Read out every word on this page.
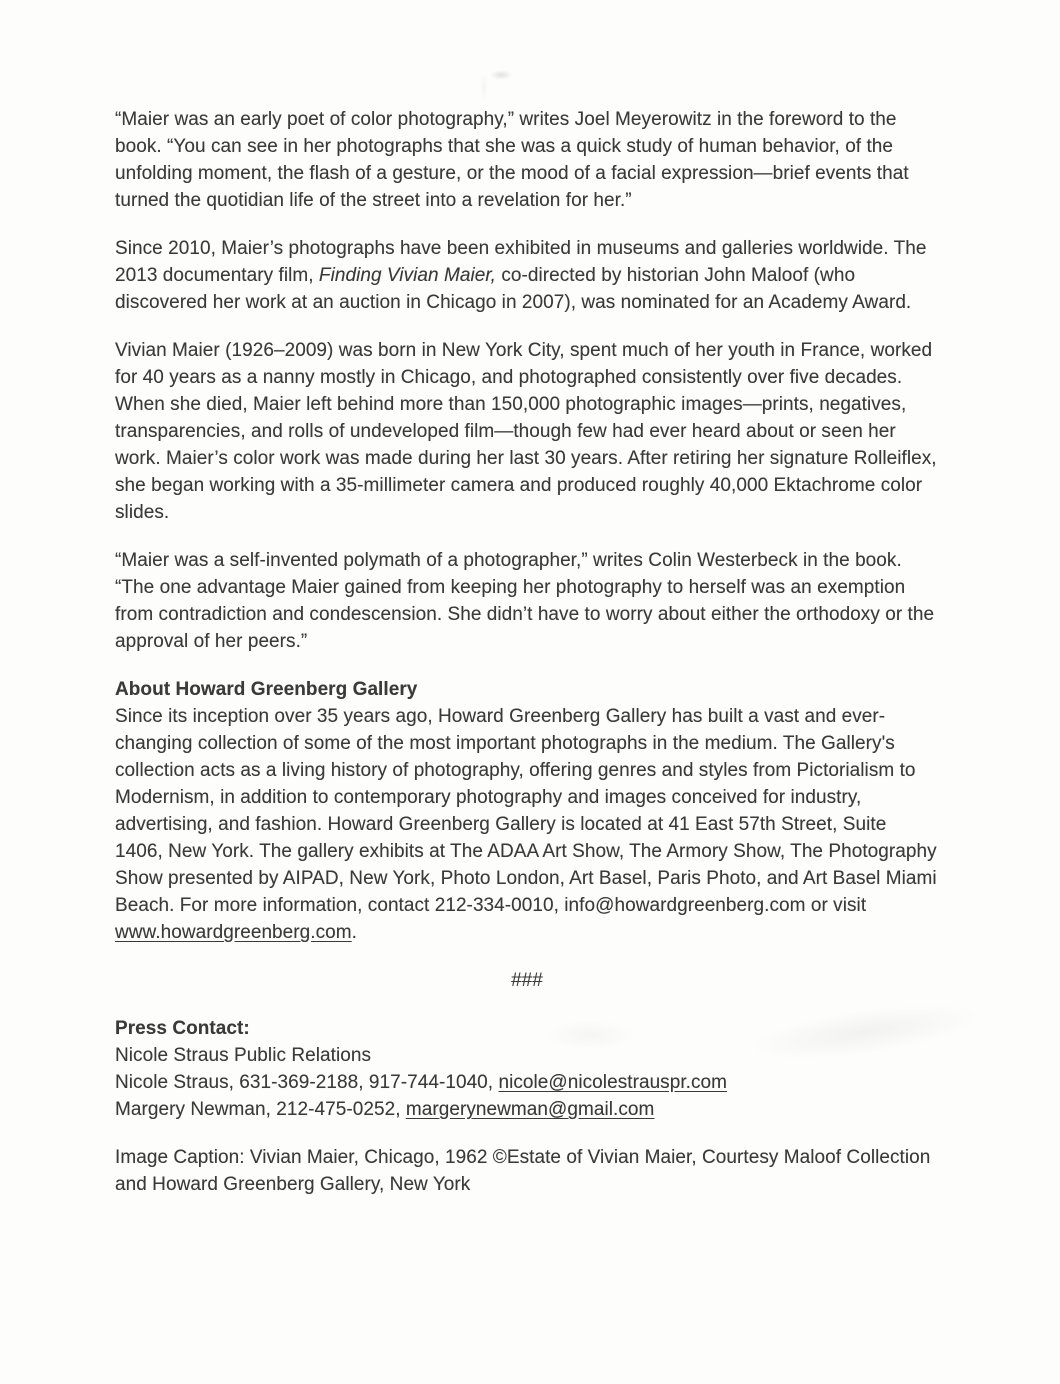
“Maier was an early poet of color photography,” writes Joel Meyerowitz in the foreword to the book. “You can see in her photographs that she was a quick study of human behavior, of the unfolding moment, the flash of a gesture, or the mood of a facial expression—brief events that turned the quotidian life of the street into a revelation for her.”
Since 2010, Maier’s photographs have been exhibited in museums and galleries worldwide. The 2013 documentary film, Finding Vivian Maier, co-directed by historian John Maloof (who discovered her work at an auction in Chicago in 2007), was nominated for an Academy Award.
Vivian Maier (1926–2009) was born in New York City, spent much of her youth in France, worked for 40 years as a nanny mostly in Chicago, and photographed consistently over five decades. When she died, Maier left behind more than 150,000 photographic images—prints, negatives, transparencies, and rolls of undeveloped film—though few had ever heard about or seen her work. Maier’s color work was made during her last 30 years. After retiring her signature Rolleiflex, she began working with a 35-millimeter camera and produced roughly 40,000 Ektachrome color slides.
“Maier was a self-invented polymath of a photographer,” writes Colin Westerbeck in the book. “The one advantage Maier gained from keeping her photography to herself was an exemption from contradiction and condescension. She didn’t have to worry about either the orthodoxy or the approval of her peers.”
About Howard Greenberg Gallery
Since its inception over 35 years ago, Howard Greenberg Gallery has built a vast and ever-changing collection of some of the most important photographs in the medium. The Gallery's collection acts as a living history of photography, offering genres and styles from Pictorialism to Modernism, in addition to contemporary photography and images conceived for industry, advertising, and fashion. Howard Greenberg Gallery is located at 41 East 57th Street, Suite 1406, New York. The gallery exhibits at The ADAA Art Show, The Armory Show, The Photography Show presented by AIPAD, New York, Photo London, Art Basel, Paris Photo, and Art Basel Miami Beach. For more information, contact 212-334-0010, info@howardgreenberg.com or visit www.howardgreenberg.com.
###
Press Contact:
Nicole Straus Public Relations
Nicole Straus, 631-369-2188, 917-744-1040, nicole@nicolestrauspr.com
Margery Newman, 212-475-0252, margerynewman@gmail.com
Image Caption: Vivian Maier, Chicago, 1962 ©Estate of Vivian Maier, Courtesy Maloof Collection and Howard Greenberg Gallery, New York
